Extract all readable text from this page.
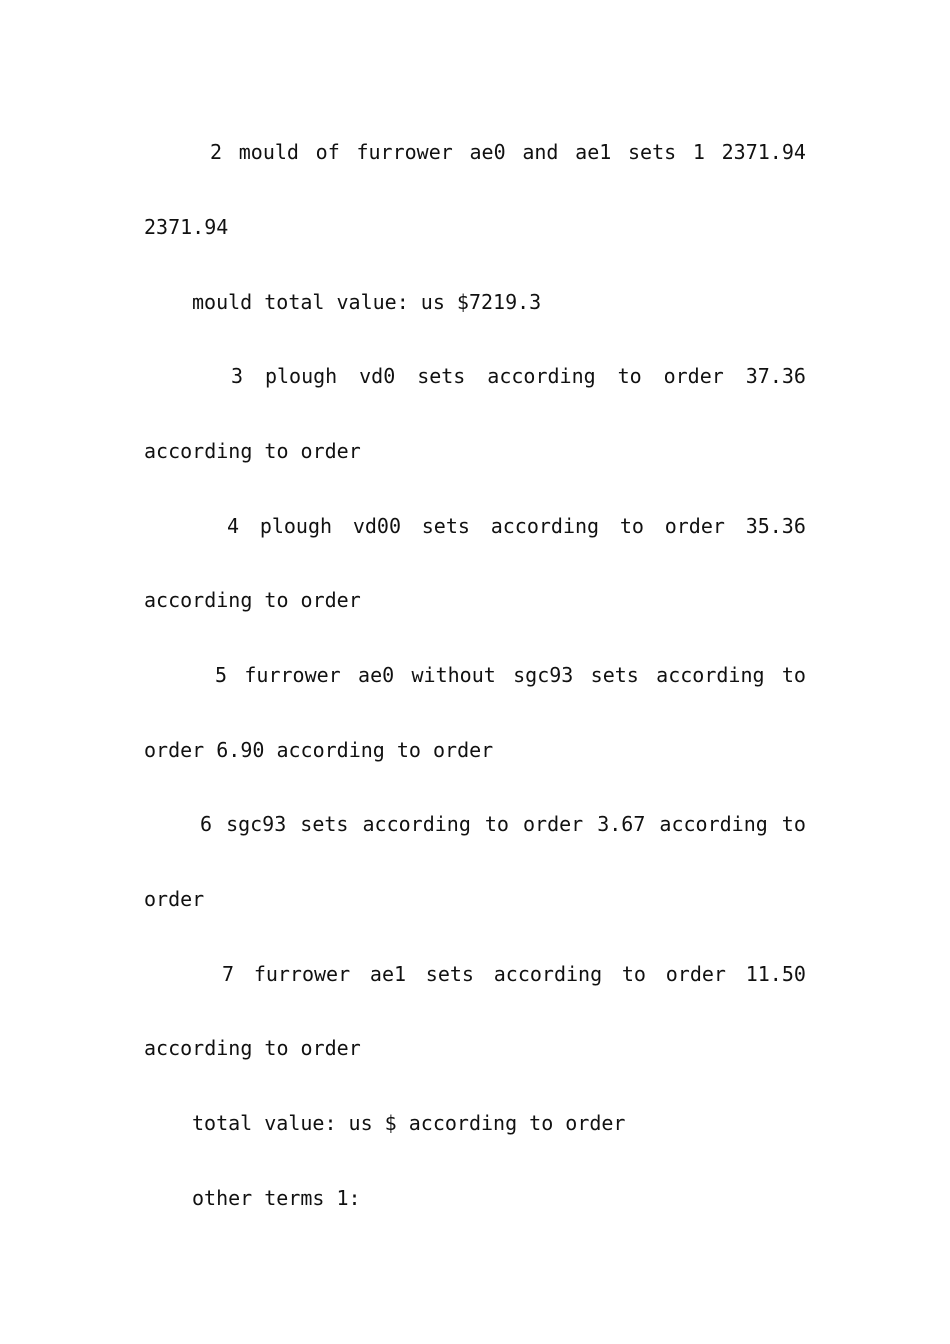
2 mould of furrower ae0 and ae1 sets 1 2371.94
2371.94
mould total value: us $7219.3
3 plough vd0 sets according to order 37.36
according to order
4 plough vd00 sets according to order 35.36
according to order
5 furrower ae0 without sgc93 sets according to
order 6.90 according to order
6 sgc93 sets according to order 3.67 according to
order
7 furrower ae1 sets according to order 11.50
according to order
total value: us $ according to order
other terms 1:
